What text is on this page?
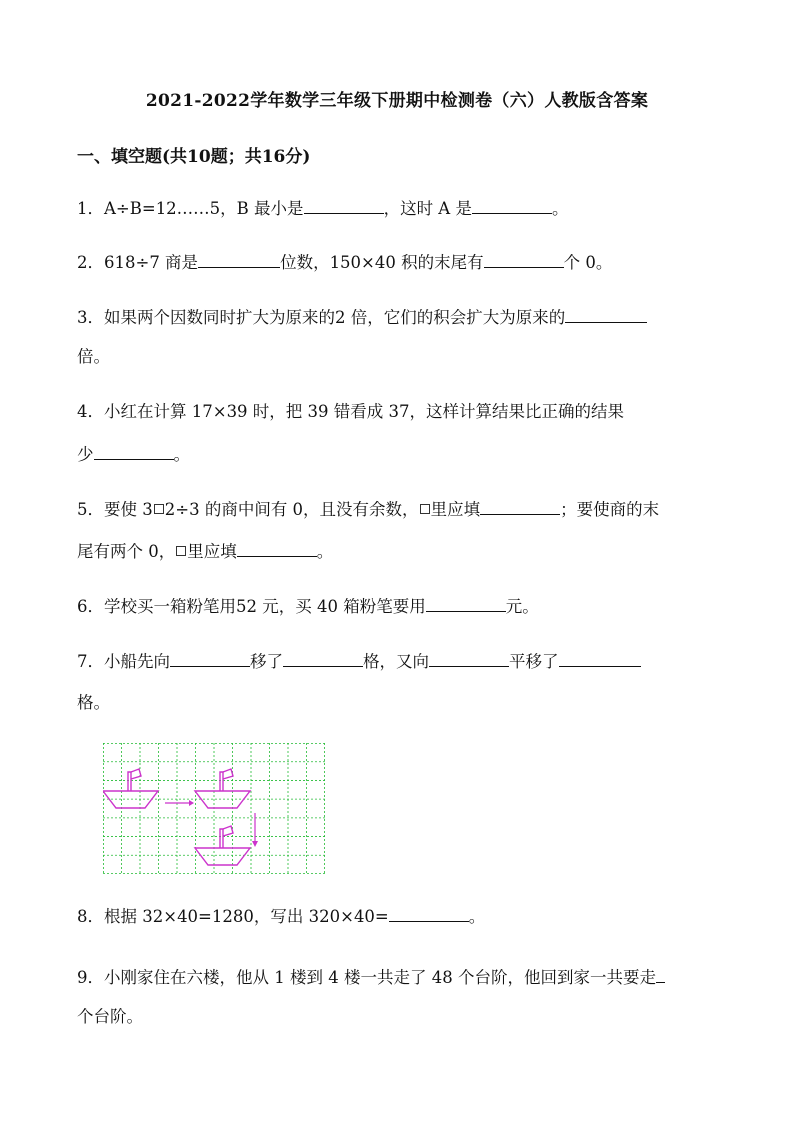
2021-2022学年数学三年级下册期中检测卷（六）人教版含答案
一、填空题(共10题；共16分)
1．A÷B=12……5，B 最小是	，这时 A 是	。
2．618÷7 商是	位数，150×40 积的末尾有	个 0。
3．如果两个因数同时扩大为原来的2 倍，它们的积会扩大为原来的
倍。
4．小红在计算 17×39 时，把 39 错看成 37，这样计算结果比正确的结果
少	。
5．要使 3 2÷3 的商中间有 0，且没有余数， 里应填	；要使商的末
尾有两个 0， 里应填	。
6．学校买一箱粉笔用52 元，买 40 箱粉笔要用	元。
7．小船先向	移了	格，又向	平移了
格。
8．根据 32×40=1280，写出 320×40=	。
9．小刚家住在六楼，他从 1 楼到 4 楼一共走了 48 个台阶，他回到家一共要走
个台阶。
